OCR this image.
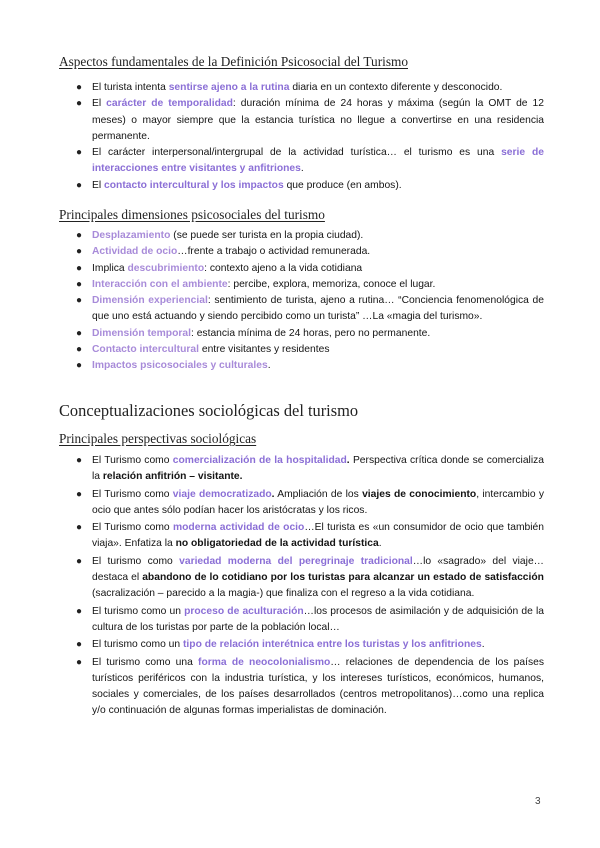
Aspectos fundamentales de la Definición Psicosocial del Turismo
● El turista intenta sentirse ajeno a la rutina diaria en un contexto diferente y desconocido.
● El carácter de temporalidad: duración mínima de 24 horas y máxima (según la OMT de 12 meses) o mayor siempre que la estancia turística no llegue a convertirse en una residencia permanente.
● El carácter interpersonal/intergrupal de la actividad turística… el turismo es una serie de interacciones entre visitantes y anfitriones.
● El contacto intercultural y los impactos que produce (en ambos).
Principales dimensiones psicosociales del turismo
● Desplazamiento (se puede ser turista en la propia ciudad).
● Actividad de ocio…frente a trabajo o actividad remunerada.
● Implica descubrimiento: contexto ajeno a la vida cotidiana
● Interacción con el ambiente: percibe, explora, memoriza, conoce el lugar.
● Dimensión experiencial: sentimiento de turista, ajeno a rutina… “Conciencia fenomenológica de que uno está actuando y siendo percibido como un turista” …La «magia del turismo».
● Dimensión temporal: estancia mínima de 24 horas, pero no permanente.
● Contacto intercultural entre visitantes y residentes
● Impactos psicosociales y culturales.
Conceptualizaciones sociológicas del turismo
Principales perspectivas sociológicas
● El Turismo como comercialización de la hospitalidad. Perspectiva crítica donde se comercializa la relación anfitrión – visitante.
● El Turismo como viaje democratizado. Ampliación de los viajes de conocimiento, intercambio y ocio que antes sólo podían hacer los aristócratas y los ricos.
● El Turismo como moderna actividad de ocio…El turista es «un consumidor de ocio que también viaja». Enfatiza la no obligatoriedad de la actividad turística.
● El turismo como variedad moderna del peregrinaje tradicional…lo «sagrado» del viaje…destaca el abandono de lo cotidiano por los turistas para alcanzar un estado de satisfacción (sacralización – parecido a la magia-) que finaliza con el regreso a la vida cotidiana.
● El turismo como un proceso de aculturación…los procesos de asimilación y de adquisición de la cultura de los turistas por parte de la población local…
● El turismo como un tipo de relación interétnica entre los turistas y los anfitriones.
● El turismo como una forma de neocolonialismo… relaciones de dependencia de los países turísticos periféricos con la industria turística, y los intereses turísticos, económicos, humanos, sociales y comerciales, de los países desarrollados (centros metropolitanos)…como una replica y/o continuación de algunas formas imperialistas de dominación.
3
